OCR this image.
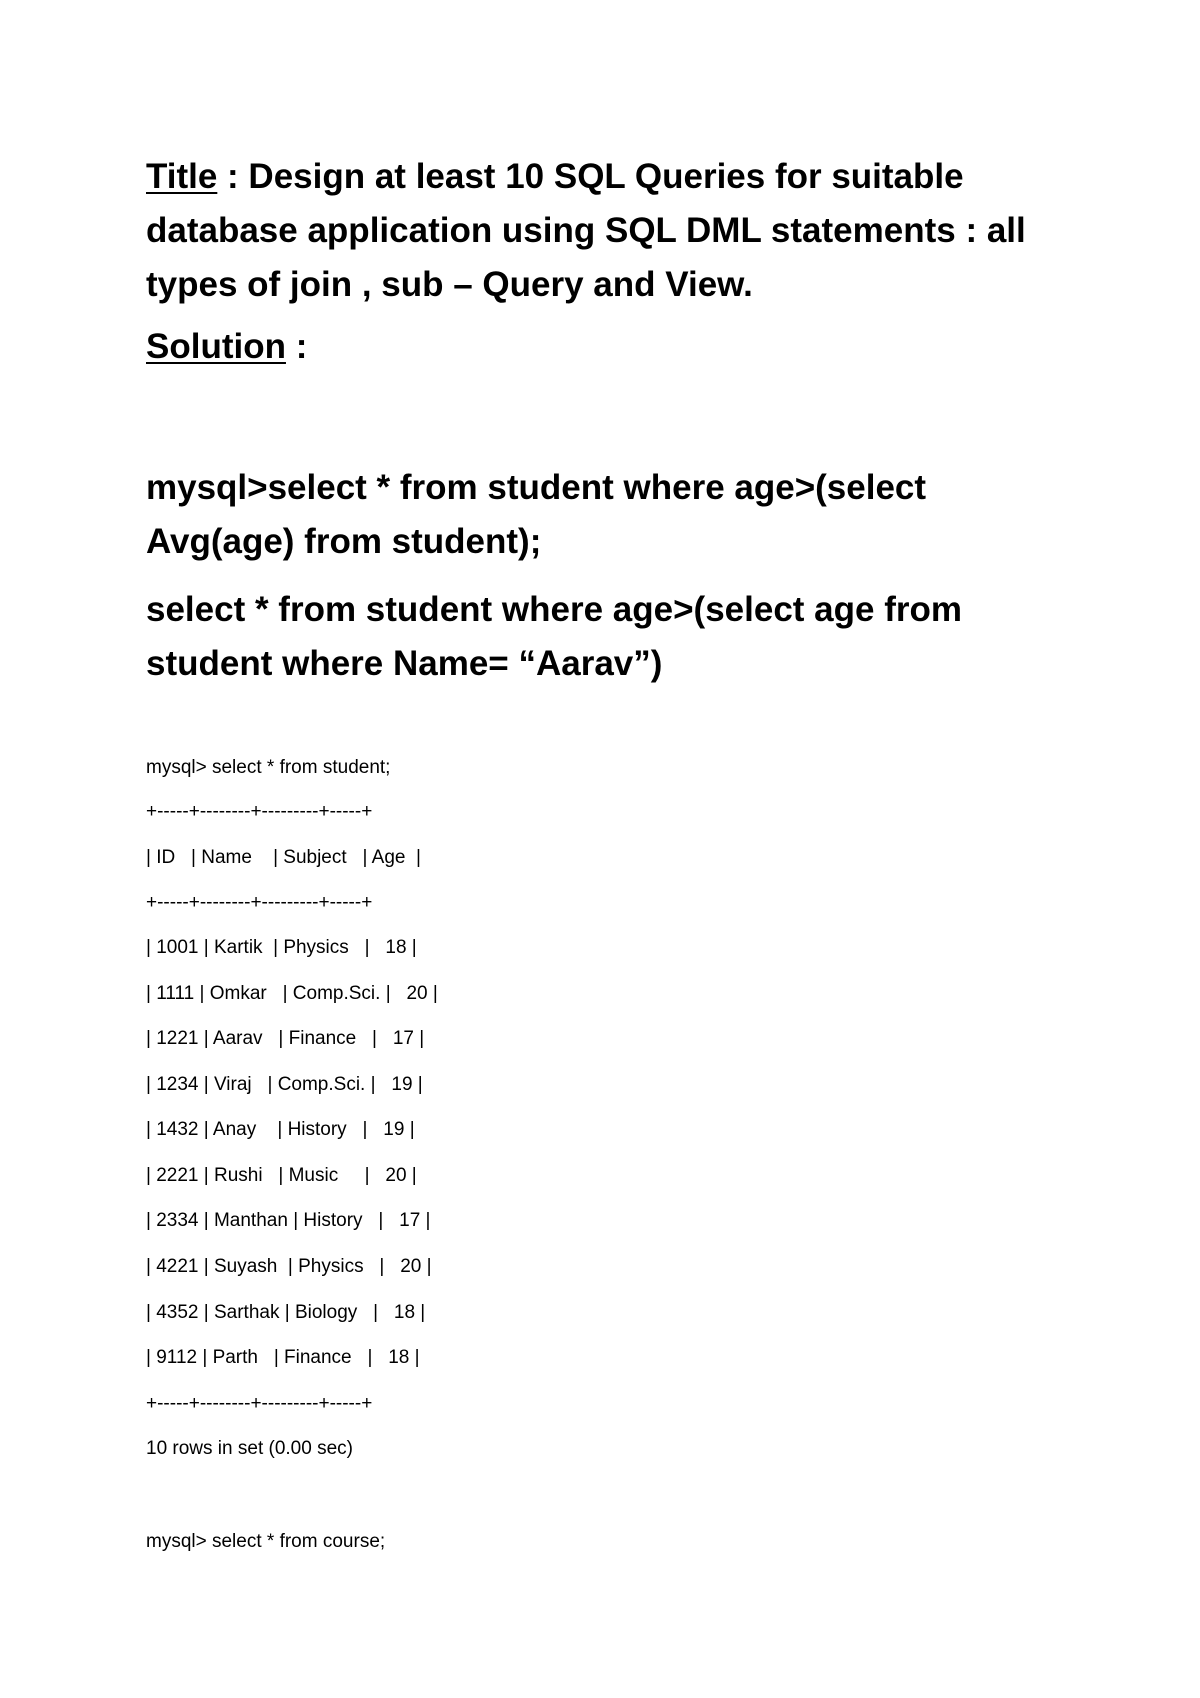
Title : Design at least 10 SQL Queries for suitable database application using SQL DML statements : all types of join , sub – Query and View.

Solution :

mysql>select * from student where age>(select Avg(age) from student);

select * from student where age>(select age from student where Name= “Aarav”)

mysql> select * from student;
+-----+--------+---------+-----+
| ID   | Name    | Subject   | Age  |
+-----+--------+---------+-----+
| 1001 | Kartik  | Physics   |   18 |
| 1111 | Omkar   | Comp.Sci. |   20 |
| 1221 | Aarav   | Finance   |   17 |
| 1234 | Viraj   | Comp.Sci. |   19 |
| 1432 | Anay    | History   |   19 |
| 2221 | Rushi   | Music     |   20 |
| 2334 | Manthan | History   |   17 |
| 4221 | Suyash  | Physics   |   20 |
| 4352 | Sarthak | Biology   |   18 |
| 9112 | Parth   | Finance   |   18 |
+-----+--------+---------+-----+
10 rows in set (0.00 sec)
mysql> select * from course;
